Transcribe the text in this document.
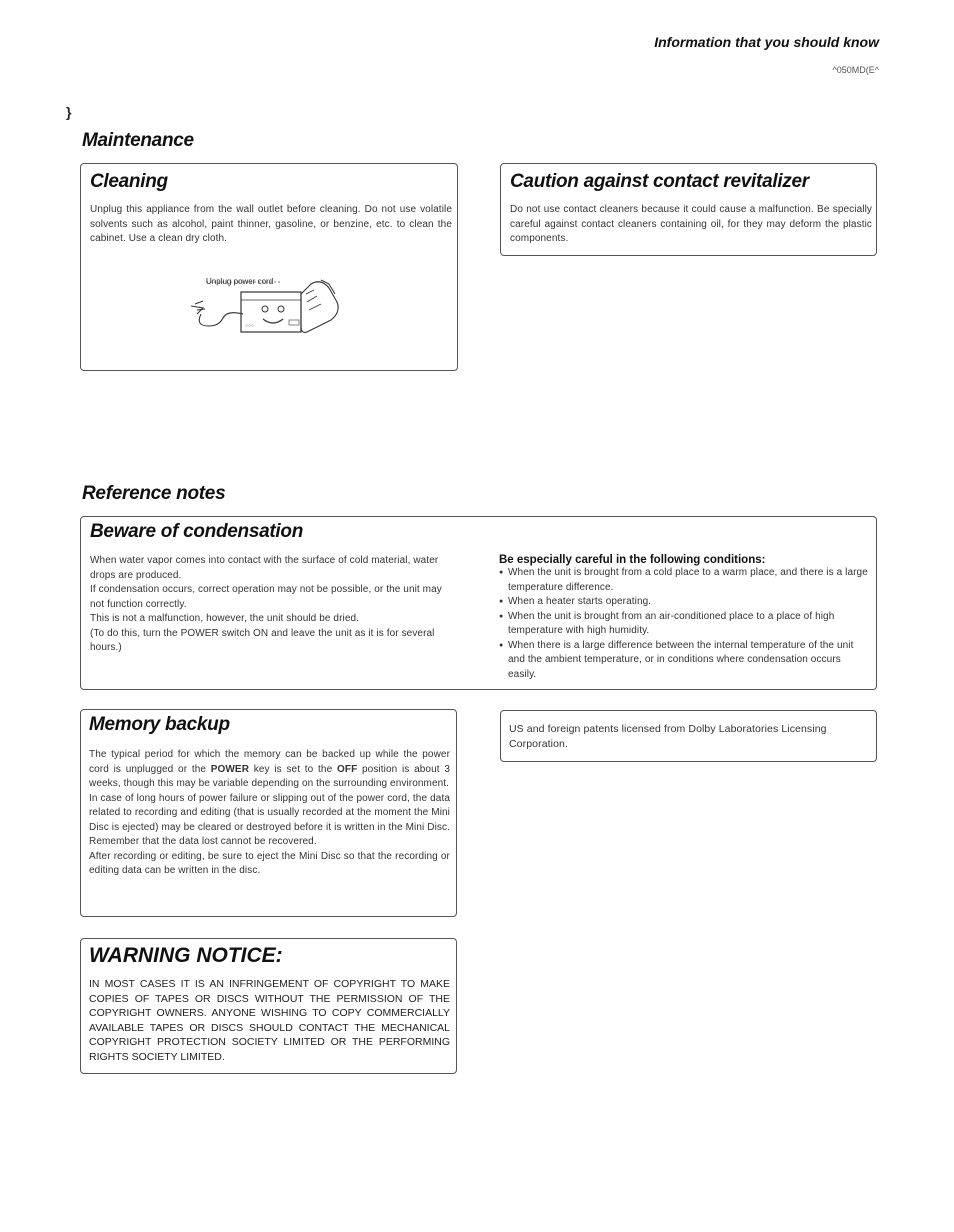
Information that you should know
^050MD(E^
}
Maintenance
Cleaning
Unplug this appliance from the wall outlet before cleaning. Do not use volatile solvents such as alcohol, paint thinner, gasoline, or benzine, etc. to clean the cabinet. Use a clean dry cloth.
○○○
Unplug power cord
Caution against contact revitalizer
Do not use contact cleaners because it could cause a malfunction. Be specially careful against contact cleaners containing oil, for they may deform the plastic components.
Reference notes
Beware of condensation
When water vapor comes into contact with the surface of cold material, water drops are produced.
If condensation occurs, correct operation may not be possible, or the unit may not function correctly.
This is not a malfunction, however, the unit should be dried.
(To do this, turn the POWER switch ON and leave the unit as it is for several hours.)
Be especially careful in the following conditions:
● When the unit is brought from a cold place to a warm place, and there is a large temperature difference.
● When a heater starts operating.
● When the unit is brought from an air-conditioned place to a place of high temperature with high humidity.
● When there is a large difference between the internal temperature of the unit and the ambient temperature, or in conditions where condensation occurs easily.
Memory backup
The typical period for which the memory can be backed up while the power cord is unplugged or the POWER key is set to the OFF position is about 3 weeks, though this may be variable depending on the surrounding environment.
In case of long hours of power failure or slipping out of the power cord, the data related to recording and editing (that is usually recorded at the moment the Mini Disc is ejected) may be cleared or destroyed before it is written in the Mini Disc. Remember that the data lost cannot be recovered.
After recording or editing, be sure to eject the Mini Disc so that the recording or editing data can be written in the disc.
US and foreign patents licensed from Dolby Laboratories Licensing Corporation.
WARNING NOTICE:
IN MOST CASES IT IS AN INFRINGEMENT OF COPYRIGHT TO MAKE COPIES OF TAPES OR DISCS WITHOUT THE PERMISSION OF THE COPYRIGHT OWNERS. ANYONE WISHING TO COPY COMMERCIALLY AVAILABLE TAPES OR DISCS SHOULD CONTACT THE MECHANICAL COPYRIGHT PROTECTION SOCIETY LIMITED OR THE PERFORMING RIGHTS SOCIETY LIMITED.
